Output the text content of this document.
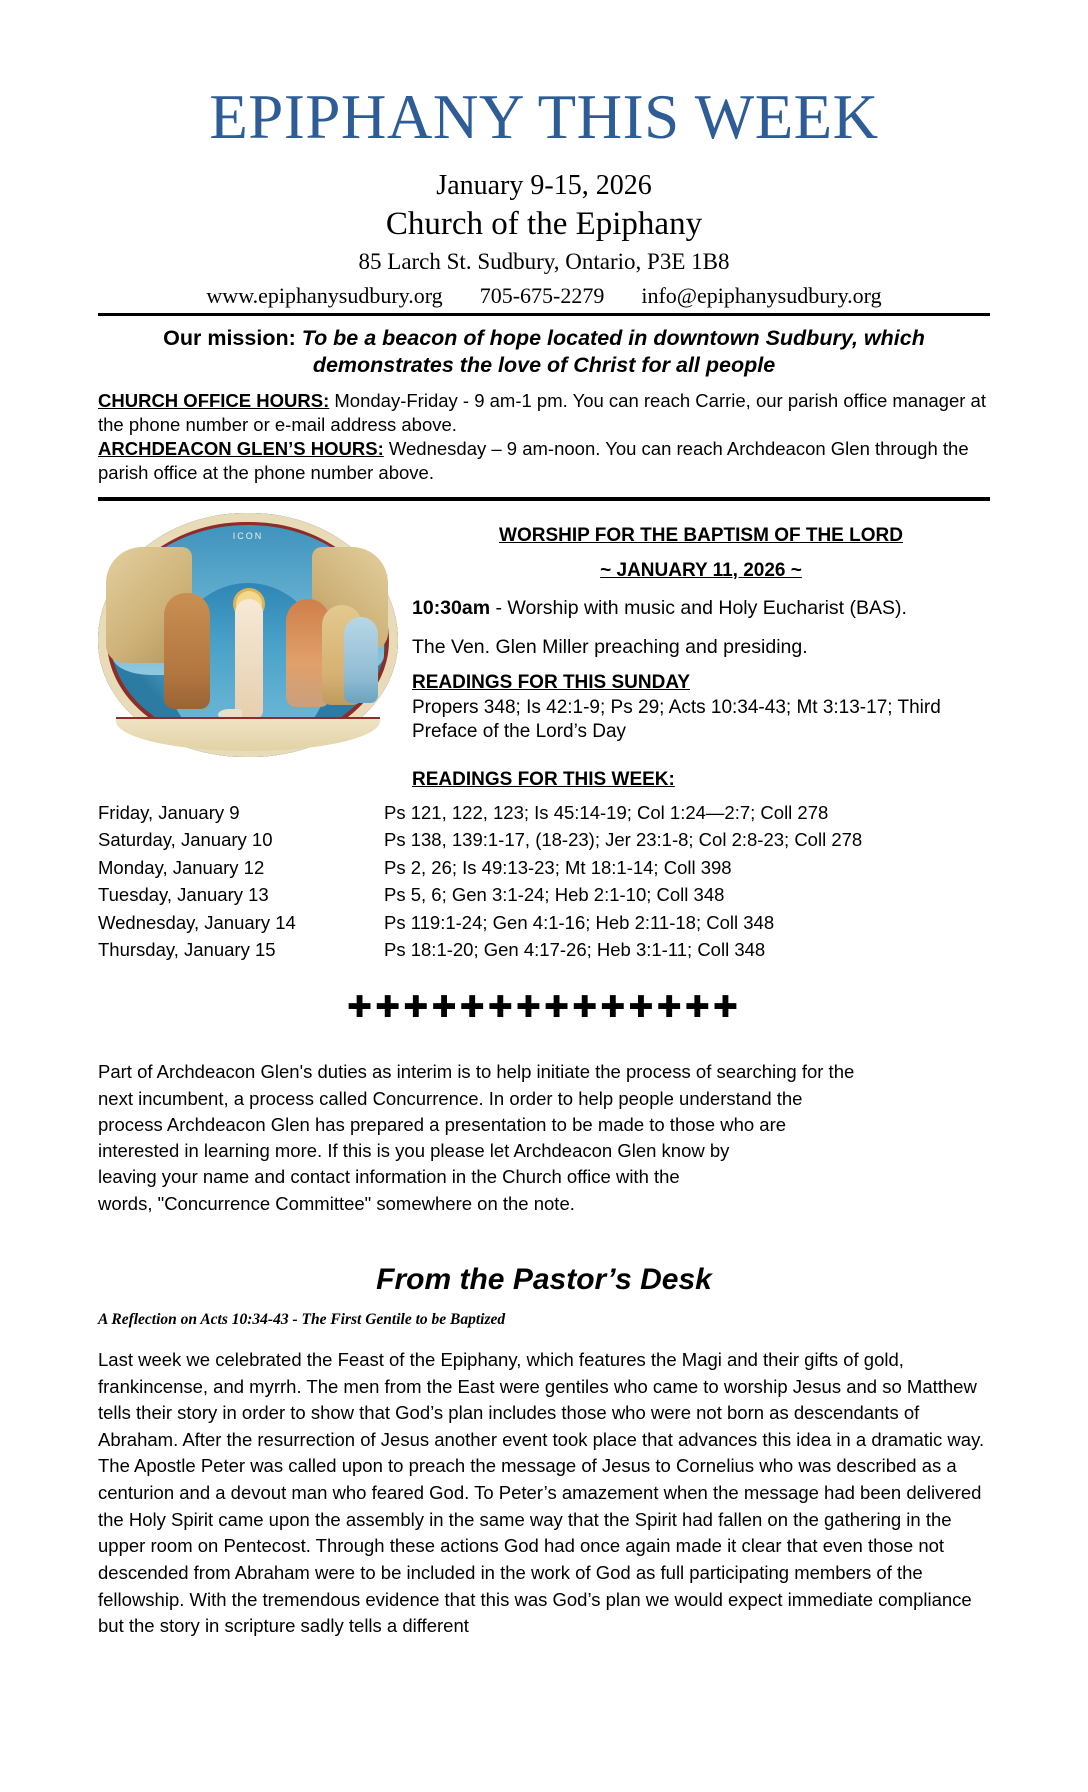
EPIPHANY THIS WEEK
January 9-15, 2026
Church of the Epiphany
85 Larch St. Sudbury, Ontario, P3E 1B8
www.epiphanysudbury.org 705-675-2279 info@epiphanysudbury.org
Our mission: To be a beacon of hope located in downtown Sudbury, which demonstrates the love of Christ for all people

CHURCH OFFICE HOURS: Monday-Friday - 9 am-1 pm. You can reach Carrie, our parish office manager at the phone number or e-mail address above.

ARCHDEACON GLEN’S HOURS: Wednesday – 9 am-noon. You can reach Archdeacon Glen through the parish office at the phone number above.

ICON	WORSHIP FOR THE BAPTISM OF THE LORD
~ JANUARY 11, 2026 ~
10:30am - Worship with music and Holy Eucharist (BAS).
The Ven. Glen Miller preaching and presiding.
READINGS FOR THIS SUNDAY
Propers 348; Is 42:1-9; Ps 29; Acts 10:34-43; Mt 3:13-17; Third Preface of the Lord’s Day
READINGS FOR THIS WEEK:
Friday, January 9	Ps 121, 122, 123; Is 45:14-19; Col 1:24—2:7; Coll 278
Saturday, January 10	Ps 138, 139:1-17, (18-23); Jer 23:1-8; Col 2:8-23; Coll 278
Monday, January 12	Ps 2, 26; Is 49:13-23; Mt 18:1-14; Coll 398
Tuesday, January 13	Ps 5, 6; Gen 3:1-24; Heb 2:1-10; Coll 348
Wednesday, January 14	Ps 119:1-24; Gen 4:1-16; Heb 2:11-18; Coll 348
Thursday, January 15	Ps 18:1-20; Gen 4:17-26; Heb 3:1-11; Coll 348
✚✚✚✚✚✚✚✚✚✚✚✚✚✚

Part of Archdeacon Glen's duties as interim is to help initiate the process of searching for the

next incumbent, a process called Concurrence. In order to help people understand the

process Archdeacon Glen has prepared a presentation to be made to those who are

interested in learning more. If this is you please let Archdeacon Glen know by

leaving your name and contact information in the Church office with the

words, "Concurrence Committee" somewhere on the note.

From the Pastor’s Desk
A Reflection on Acts 10:34-43 - The First Gentile to be Baptized
Last week we celebrated the Feast of the Epiphany, which features the Magi and their gifts of gold, frankincense, and myrrh. The men from the East were gentiles who came to worship Jesus and so Matthew tells their story in order to show that God’s plan includes those who were not born as descendants of Abraham. After the resurrection of Jesus another event took place that advances this idea in a dramatic way. The Apostle Peter was called upon to preach the message of Jesus to Cornelius who was described as a centurion and a devout man who feared God. To Peter’s amazement when the message had been delivered the Holy Spirit came upon the assembly in the same way that the Spirit had fallen on the gathering in the upper room on Pentecost. Through these actions God had once again made it clear that even those not descended from Abraham were to be included in the work of God as full participating members of the fellowship. With the tremendous evidence that this was God’s plan we would expect immediate compliance but the story in scripture sadly tells a different
